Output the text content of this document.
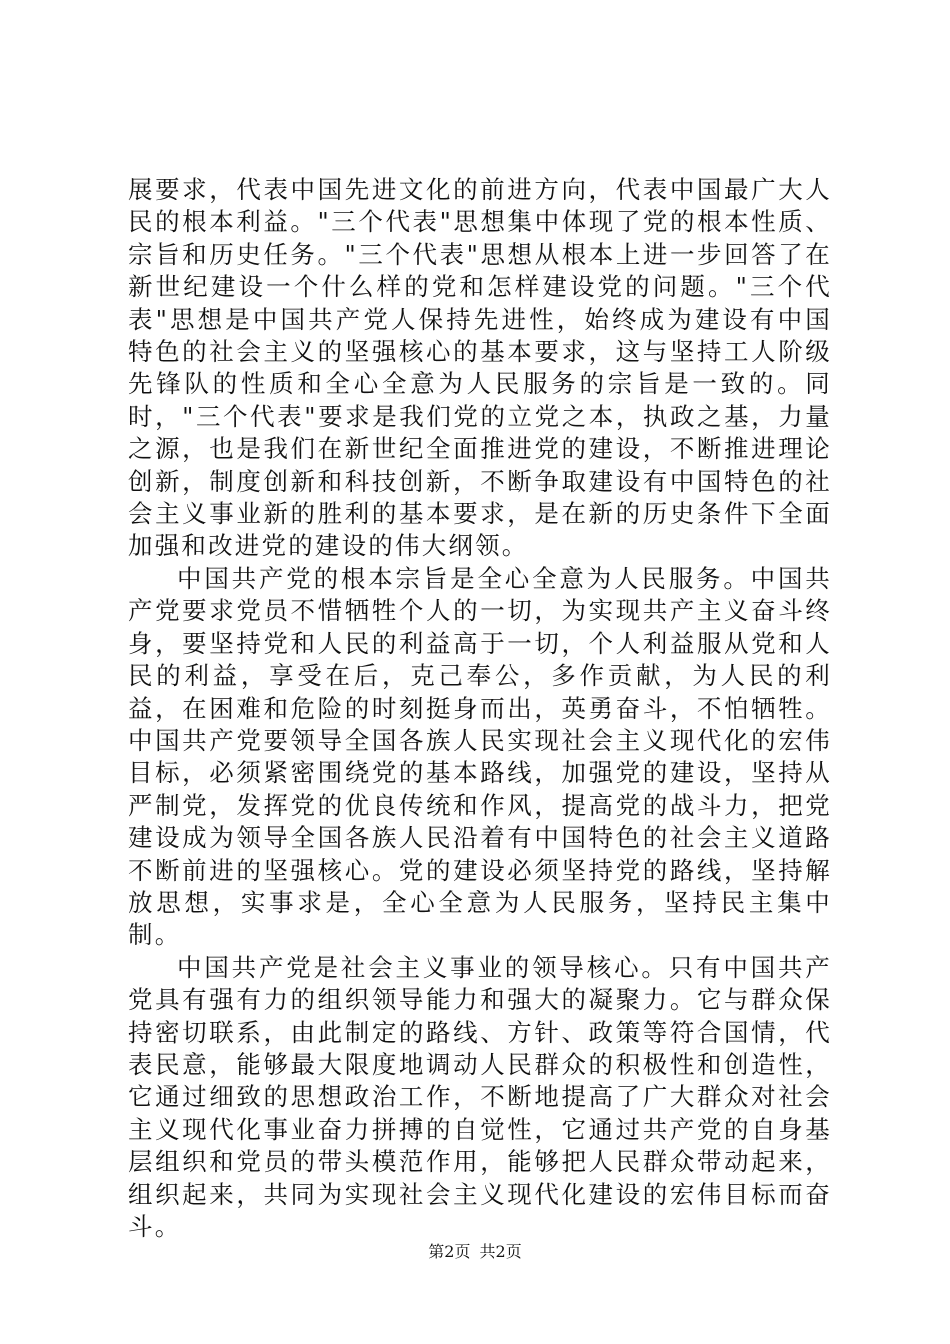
展要求，代表中国先进文化的前进方向，代表中国最广大人民的根本利益。"三个代表"思想集中体现了党的根本性质、宗旨和历史任务。"三个代表"思想从根本上进一步回答了在新世纪建设一个什么样的党和怎样建设党的问题。"三个代表"思想是中国共产党人保持先进性，始终成为建设有中国特色的社会主义的坚强核心的基本要求，这与坚持工人阶级先锋队的性质和全心全意为人民服务的宗旨是一致的。同时，"三个代表"要求是我们党的立党之本，执政之基，力量之源，也是我们在新世纪全面推进党的建设，不断推进理论创新，制度创新和科技创新，不断争取建设有中国特色的社会主义事业新的胜利的基本要求，是在新的历史条件下全面加强和改进党的建设的伟大纲领。

中国共产党的根本宗旨是全心全意为人民服务。中国共产党要求党员不惜牺牲个人的一切，为实现共产主义奋斗终身，要坚持党和人民的利益高于一切，个人利益服从党和人民的利益，享受在后，克己奉公，多作贡献，为人民的利益，在困难和危险的时刻挺身而出，英勇奋斗，不怕牺牲。中国共产党要领导全国各族人民实现社会主义现代化的宏伟目标，必须紧密围绕党的基本路线，加强党的建设，坚持从严制党，发挥党的优良传统和作风，提高党的战斗力，把党建设成为领导全国各族人民沿着有中国特色的社会主义道路不断前进的坚强核心。党的建设必须坚持党的路线，坚持解放思想，实事求是，全心全意为人民服务，坚持民主集中制。

中国共产党是社会主义事业的领导核心。只有中国共产党具有强有力的组织领导能力和强大的凝聚力。它与群众保持密切联系，由此制定的路线、方针、政策等符合国情，代表民意，能够最大限度地调动人民群众的积极性和创造性，它通过细致的思想政治工作，不断地提高了广大群众对社会主义现代化事业奋力拼搏的自觉性，它通过共产党的自身基层组织和党员的带头模范作用，能够把人民群众带动起来，组织起来，共同为实现社会主义现代化建设的宏伟目标而奋斗。

第2页 共2页
